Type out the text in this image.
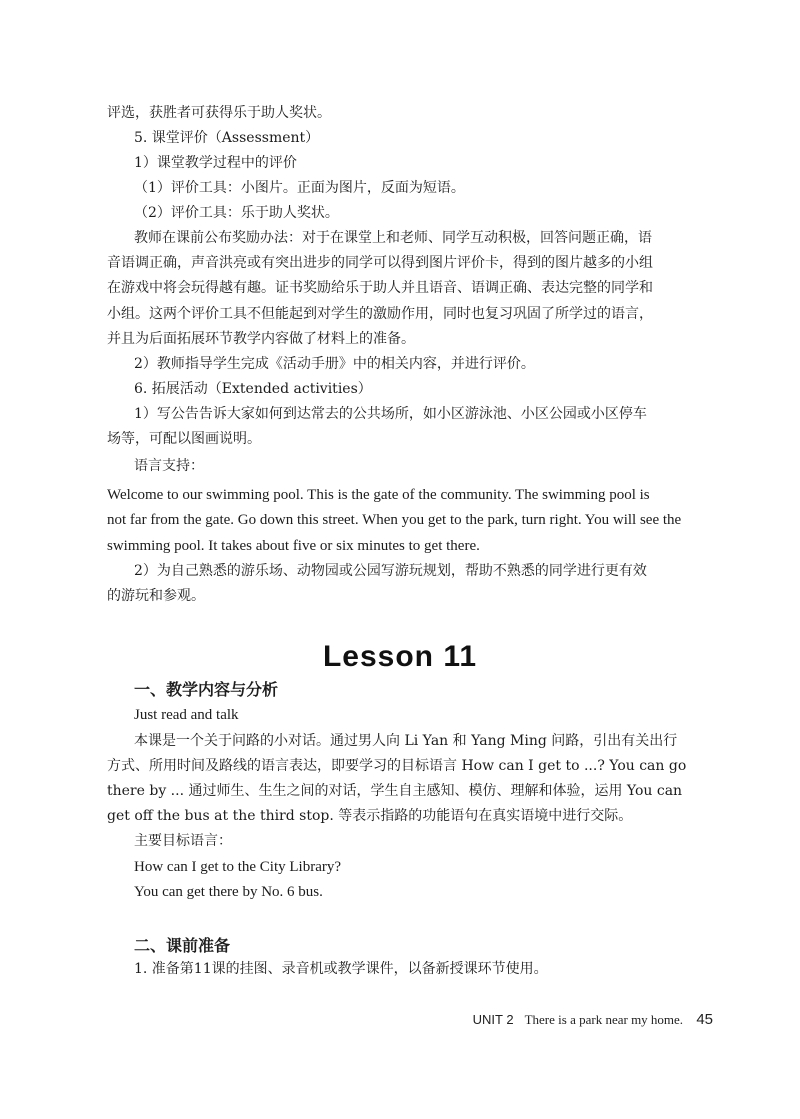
评选，获胜者可获得乐于助人奖状。
5. 课堂评价（Assessment）
1）课堂教学过程中的评价
（1）评价工具：小图片。正面为图片，反面为短语。
（2）评价工具：乐于助人奖状。
教师在课前公布奖励办法：对于在课堂上和老师、同学互动积极，回答问题正确，语
音语调正确，声音洪亮或有突出进步的同学可以得到图片评价卡，得到的图片越多的小组
在游戏中将会玩得越有趣。证书奖励给乐于助人并且语音、语调正确、表达完整的同学和
小组。这两个评价工具不但能起到对学生的激励作用，同时也复习巩固了所学过的语言，
并且为后面拓展环节教学内容做了材料上的准备。
2）教师指导学生完成《活动手册》中的相关内容，并进行评价。
6. 拓展活动（Extended activities）
1）写公告告诉大家如何到达常去的公共场所，如小区游泳池、小区公园或小区停车
场等，可配以图画说明。
语言支持：
Welcome to our swimming pool. This is the gate of the community. The swimming pool is
not far from the gate. Go down this street. When you get to the park, turn right. You will see the
swimming pool. It takes about five or six minutes to get there.
2）为自己熟悉的游乐场、动物园或公园写游玩规划，帮助不熟悉的同学进行更有效
的游玩和参观。
Lesson 11
一、教学内容与分析
Just read and talk
本课是一个关于问路的小对话。通过男人向 Li Yan 和 Yang Ming 问路，引出有关出行
方式、所用时间及路线的语言表达，即要学习的目标语言 How can I get to ...? You can go
there by ... 通过师生、生生之间的对话，学生自主感知、模仿、理解和体验，运用 You can
get off the bus at the third stop. 等表示指路的功能语句在真实语境中进行交际。
主要目标语言：
How can I get to the City Library?
You can get there by No. 6 bus.
二、课前准备
1. 准备第11课的挂图、录音机或教学课件，以备新授课环节使用。
UNIT 2 There is a park near my home. 45
